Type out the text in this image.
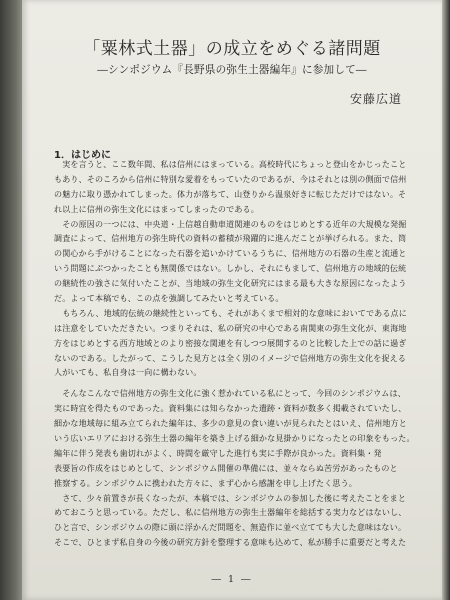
「粟林式土器」の成立をめぐる諸問題
―シンポジウム『長野県の弥生土器編年』に参加して―
安藤広道
1．はじめに
　実を言うと、ここ数年間、私は信州にはまっている。高校時代にちょっと登山をかじったこと
もあり、そのころから信州に特別な愛着をもっていたのであるが、今はそれとは別の側面で信州
の魅力に取り憑かれてしまった。体力が落ちて、山登りから温泉好きに転じただけではない。そ
れ以上に信州の弥生文化にはまってしまったのである。
　その原因の一つには、中央道・上信越自動車道関連のものをはじめとする近年の大規模な発掘
調査によって、信州地方の弥生時代の資料の蓄積が飛躍的に進んだことが挙げられる。また、筒
の関心から手がけることになった石器を追いかけているうちに、信州地方の石器の生産と流通と
いう問題にぶつかったことも無関係ではない。しかし、それにもまして、信州地方の地域的伝統
の継続性の強さに気付いたことが、当地域の弥生文化研究にはまる最も大きな原因になったよう
だ。よって本稿でも、この点を強調してみたいと考えている。
　もちろん、地域的伝統の継続性といっても、それがあくまで相対的な意味においてである点に
は注意をしていただきたい。つまりそれは、私の研究の中心である南関東の弥生文化が、東海地
方をはじめとする西方地域とのより密接な関連を有しつつ展開するのと比較した上での話に過ぎ
ないのである。したがって、こうした見方とは全く別のイメージで信州地方の弥生文化を捉える
人がいても、私自身は一向に構わない。
　そんなこんなで信州地方の弥生文化に強く惹かれている私にとって、今回のシンポジウムは、
実に時宜を得たものであった。資料集には知らなかった遺跡・資料が数多く掲載されていたし、
細かな地域毎に組み立てられた編年は、多少の意見の食い違いが見られたとはいえ、信州地方と
いう広いエリアにおける弥生土器の編年を築き上げる細かな見掛かりになったとの印象をもった。
編年に伴う発表も歯切れがよく、時間を厳守した進行も実に手際が良かった。資料集・発
表要旨の作成をはじめとして、シンポジウム開催の準備には、並々ならぬ苦労があったものと
推察する。シンポジウムに携われた方々に、まず心から感謝を申し上げたく思う。
　さて、少々前置きが長くなったが、本稿では、シンポジウムの参加した後に考えたことをまと
めておこうと思っている。ただし、私に信州地方の弥生土器編年を総括する実力などはないし、
ひと言で、シンポジウムの際に頭に浮かんだ問題を、無造作に並べ立てても大した意味はない。
そこで、ひとまず私自身の今後の研究方針を整理する意味も込めて、私が勝手に重要だと考えた
― 1 ―
